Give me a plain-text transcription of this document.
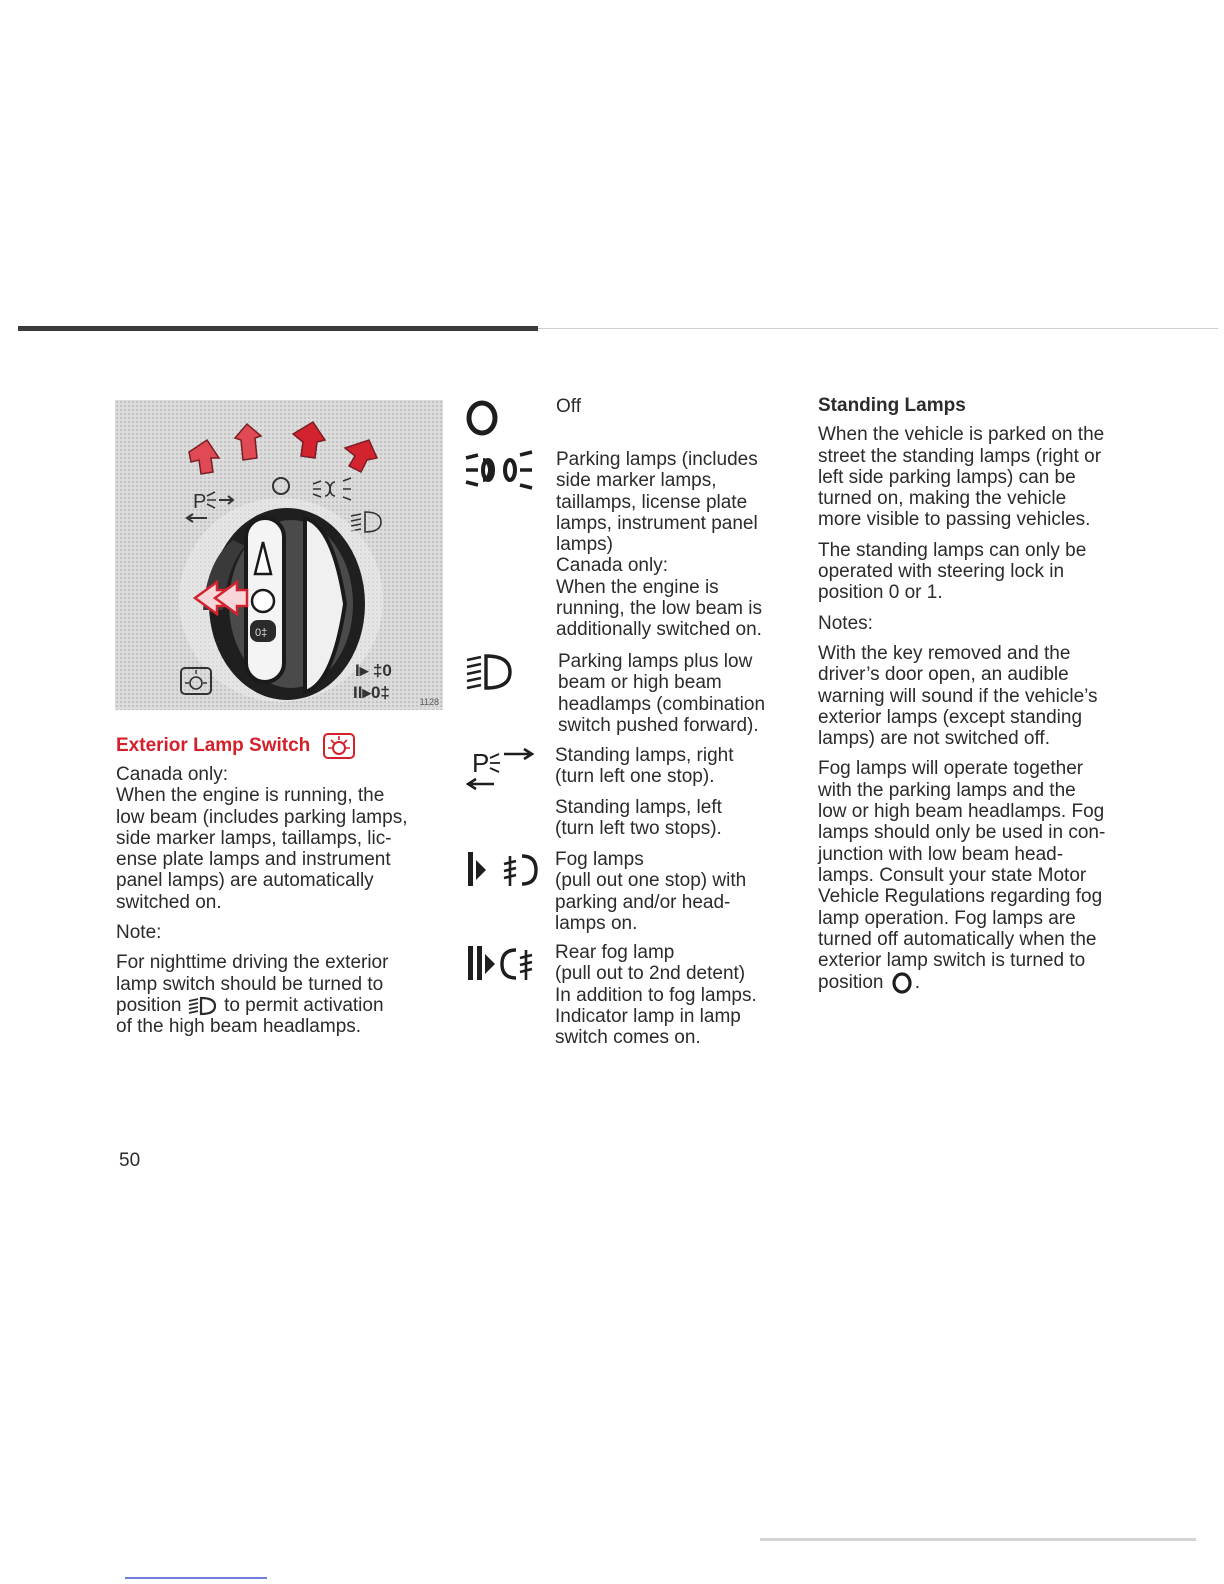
P
0‡
I▸ ‡0
II▸0‡	1128
Exterior Lamp Switch

Canada only:
When the engine is running, the
low beam (includes parking lamps,
side marker lamps, taillamps, lic-
ense plate lamps and instrument
panel lamps) are automatically
switched on.

Note:

For nighttime driving the exterior
lamp switch should be turned to
position to permit activation
of the high beam headlamps.

P

Off

Parking lamps (includes
side marker lamps,
taillamps, license plate
lamps, instrument panel
lamps)
Canada only:
When the engine is
running, the low beam is
additionally switched on.

Parking lamps plus low
beam or high beam
headlamps (combination
switch pushed forward).

Standing lamps, right
(turn left one stop).

Standing lamps, left
(turn left two stops).

Fog lamps
(pull out one stop) with
parking and/or head-
lamps on.

Rear fog lamp
(pull out to 2nd detent)
In addition to fog lamps.
Indicator lamp in lamp
switch comes on.

Standing Lamps

When the vehicle is parked on the
street the standing lamps (right or
left side parking lamps) can be
turned on, making the vehicle
more visible to passing vehicles.

The standing lamps can only be
operated with steering lock in
position 0 or 1.

Notes:

With the key removed and the
driver’s door open, an audible
warning will sound if the vehicle’s
exterior lamps (except standing
lamps) are not switched off.

Fog lamps will operate together
with the parking lamps and the
low or high beam headlamps. Fog
lamps should only be used in con-
junction with low beam head-
lamps. Consult your state Motor
Vehicle Regulations regarding fog
lamp operation. Fog lamps are
turned off automatically when the
exterior lamp switch is turned to
position .

50
